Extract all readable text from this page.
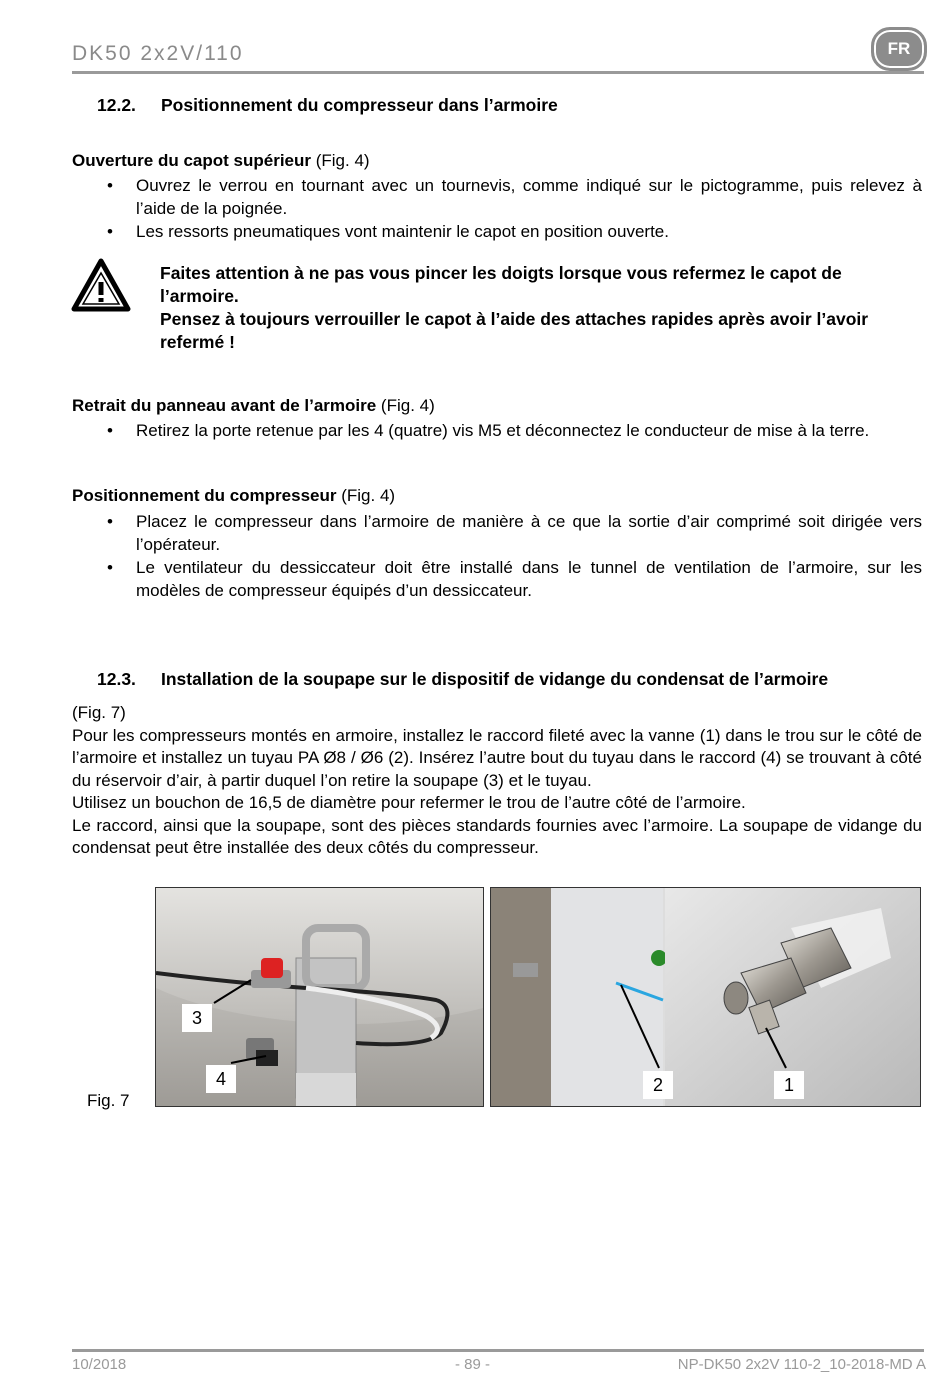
DK50 2x2V/110	FR
12.2. Positionnement du compresseur dans l’armoire
Ouverture du capot supérieur (Fig. 4)
• Ouvrez le verrou en tournant avec un tournevis, comme indiqué sur le pictogramme, puis relevez à l’aide de la poignée.
• Les ressorts pneumatiques vont maintenir le capot en position ouverte.
Faites attention à ne pas vous pincer les doigts lorsque vous refermez le capot de l’armoire.
Pensez à toujours verrouiller le capot à l’aide des attaches rapides après avoir l’avoir refermé !
Retrait du panneau avant de l’armoire (Fig. 4)
• Retirez la porte retenue par les 4 (quatre) vis M5 et déconnectez le conducteur de mise à la terre.
Positionnement du compresseur (Fig. 4)
• Placez le compresseur dans l’armoire de manière à ce que la sortie d’air comprimé soit dirigée vers l’opérateur.
• Le ventilateur du dessiccateur doit être installé dans le tunnel de ventilation de l’armoire, sur les modèles de compresseur équipés d’un dessiccateur.
12.3. Installation de la soupape sur le dispositif de vidange du condensat de l’armoire
(Fig. 7)
Pour les compresseurs montés en armoire, installez le raccord fileté avec la vanne (1) dans le trou sur le côté de l’armoire et installez un tuyau PA Ø8 / Ø6 (2). Insérez l’autre bout du tuyau dans le raccord (4) se trouvant à côté du réservoir d’air, à partir duquel l’on retire la soupape (3) et le tuyau.
Utilisez un bouchon de 16,5 de diamètre pour refermer le trou de l’autre côté de l’armoire.
Le raccord, ainsi que la soupape, sont des pièces standards fournies avec l’armoire. La soupape de vidange du condensat peut être installée des deux côtés du compresseur.
3
4	2	1
Fig. 7
10/2018	- 89 -	NP-DK50 2x2V 110-2_10-2018-MD A
